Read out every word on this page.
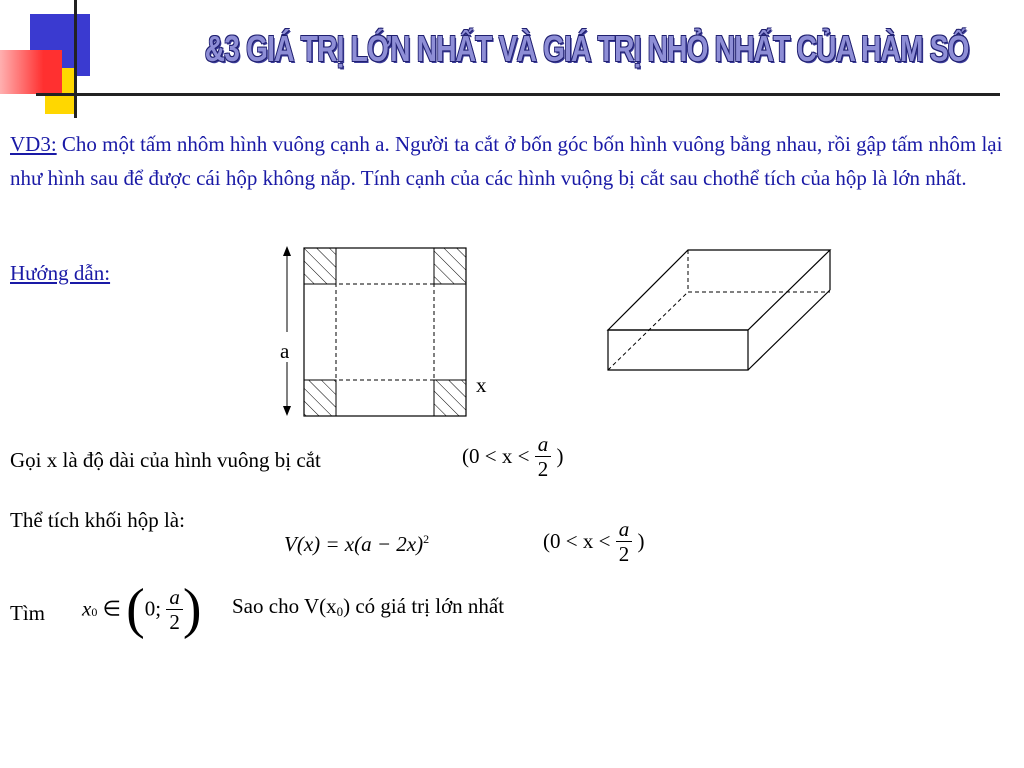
&3 GIÁ TRỊ LỚN NHẤT VÀ GIÁ TRỊ NHỎ NHẤT CỦA HÀM SỐ
VD3: Cho một tấm nhôm hình vuông cạnh a. Người ta cắt ở bốn góc bốn hình vuông bằng nhau, rồi gập tấm nhôm lại như hình sau để được cái hộp không nắp. Tính cạnh của các hình vuộng bị cắt sau chothể tích của hộp là lớn nhất.
Hướng dẫn:
a
x
Gọi x là độ dài của hình vuông bị cắt	($0 < x < \frac{a}{2}$ )
Thể tích khối hộp là:
$V(x) = x(a - 2x)^2$	($0 < x < \frac{a}{2}$ )
Tìm x0 ∈ (0; $\frac{a}{2}$ ) Sao cho V(x0) có giá trị lớn nhất
